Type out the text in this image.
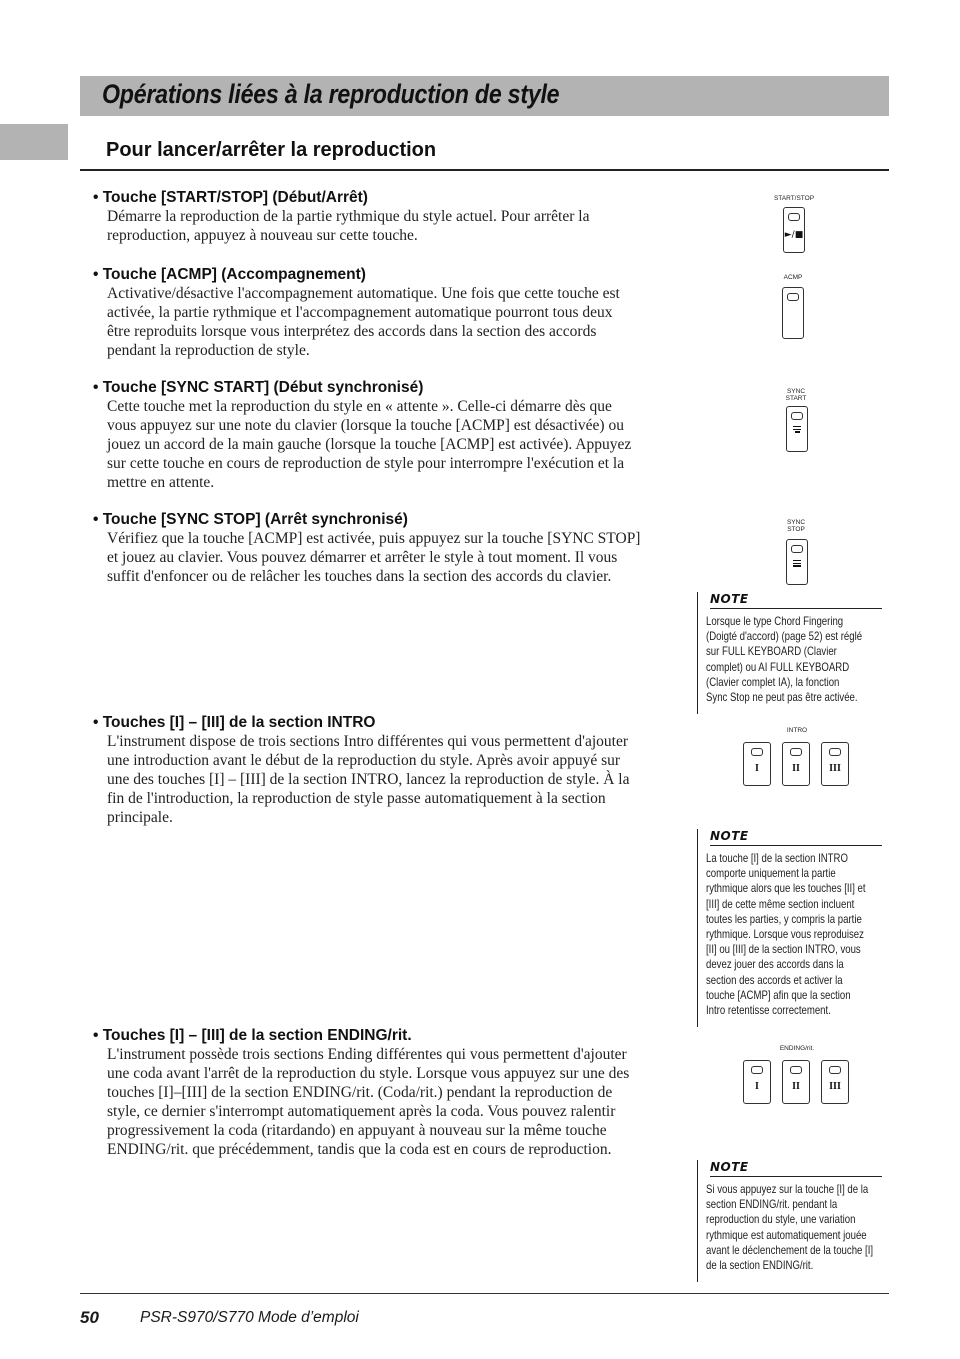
Opérations liées à la reproduction de style
Pour lancer/arrêter la reproduction
• Touche [START/STOP] (Début/Arrêt)
Démarre la reproduction de la partie rythmique du style actuel. Pour arrêter la
reproduction, appuyez à nouveau sur cette touche.
• Touche [ACMP] (Accompagnement)
Activative/désactive l'accompagnement automatique. Une fois que cette touche est
activée, la partie rythmique et l'accompagnement automatique pourront tous deux
être reproduits lorsque vous interprétez des accords dans la section des accords
pendant la reproduction de style.
• Touche [SYNC START] (Début synchronisé)
Cette touche met la reproduction du style en « attente ». Celle-ci démarre dès que
vous appuyez sur une note du clavier (lorsque la touche [ACMP] est désactivée) ou
jouez un accord de la main gauche (lorsque la touche [ACMP] est activée). Appuyez
sur cette touche en cours de reproduction de style pour interrompre l'exécution et la
mettre en attente.
• Touche [SYNC STOP] (Arrêt synchronisé)
Vérifiez que la touche [ACMP] est activée, puis appuyez sur la touche [SYNC STOP]
et jouez au clavier. Vous pouvez démarrer et arrêter le style à tout moment. Il vous
suffit d'enfoncer ou de relâcher les touches dans la section des accords du clavier.
• Touches [I] – [III] de la section INTRO
L'instrument dispose de trois sections Intro différentes qui vous permettent d'ajouter
une introduction avant le début de la reproduction du style. Après avoir appuyé sur
une des touches [I] – [III] de la section INTRO, lancez la reproduction de style. À la
fin de l'introduction, la reproduction de style passe automatiquement à la section
principale.
• Touches [I] – [III] de la section ENDING/rit.
L'instrument possède trois sections Ending différentes qui vous permettent d'ajouter
une coda avant l'arrêt de la reproduction du style. Lorsque vous appuyez sur une des
touches [I]–[III] de la section ENDING/rit. (Coda/rit.) pendant la reproduction de
style, ce dernier s'interrompt automatiquement après la coda. Vous pouvez ralentir
progressivement la coda (ritardando) en appuyant à nouveau sur la même touche
ENDING/rit. que précédemment, tandis que la coda est en cours de reproduction.
START/STOP
►/■
ACMP
SYNC
START
SYNC
STOP
INTRO
I	II	III
ENDING/rit.
I	II	III
NOTE
Lorsque le type Chord Fingering
(Doigté d'accord) (page 52) est réglé
sur FULL KEYBOARD (Clavier
complet) ou AI FULL KEYBOARD
(Clavier complet IA), la fonction
Sync Stop ne peut pas être activée.
NOTE
La touche [I] de la section INTRO
comporte uniquement la partie
rythmique alors que les touches [II] et
[III] de cette même section incluent
toutes les parties, y compris la partie
rythmique. Lorsque vous reproduisez
[II] ou [III] de la section INTRO, vous
devez jouer des accords dans la
section des accords et activer la
touche [ACMP] afin que la section
Intro retentisse correctement.
NOTE
Si vous appuyez sur la touche [I] de la
section ENDING/rit. pendant la
reproduction du style, une variation
rythmique est automatiquement jouée
avant le déclenchement de la touche [I]
de la section ENDING/rit.
50	PSR-S970/S770 Mode d’emploi
